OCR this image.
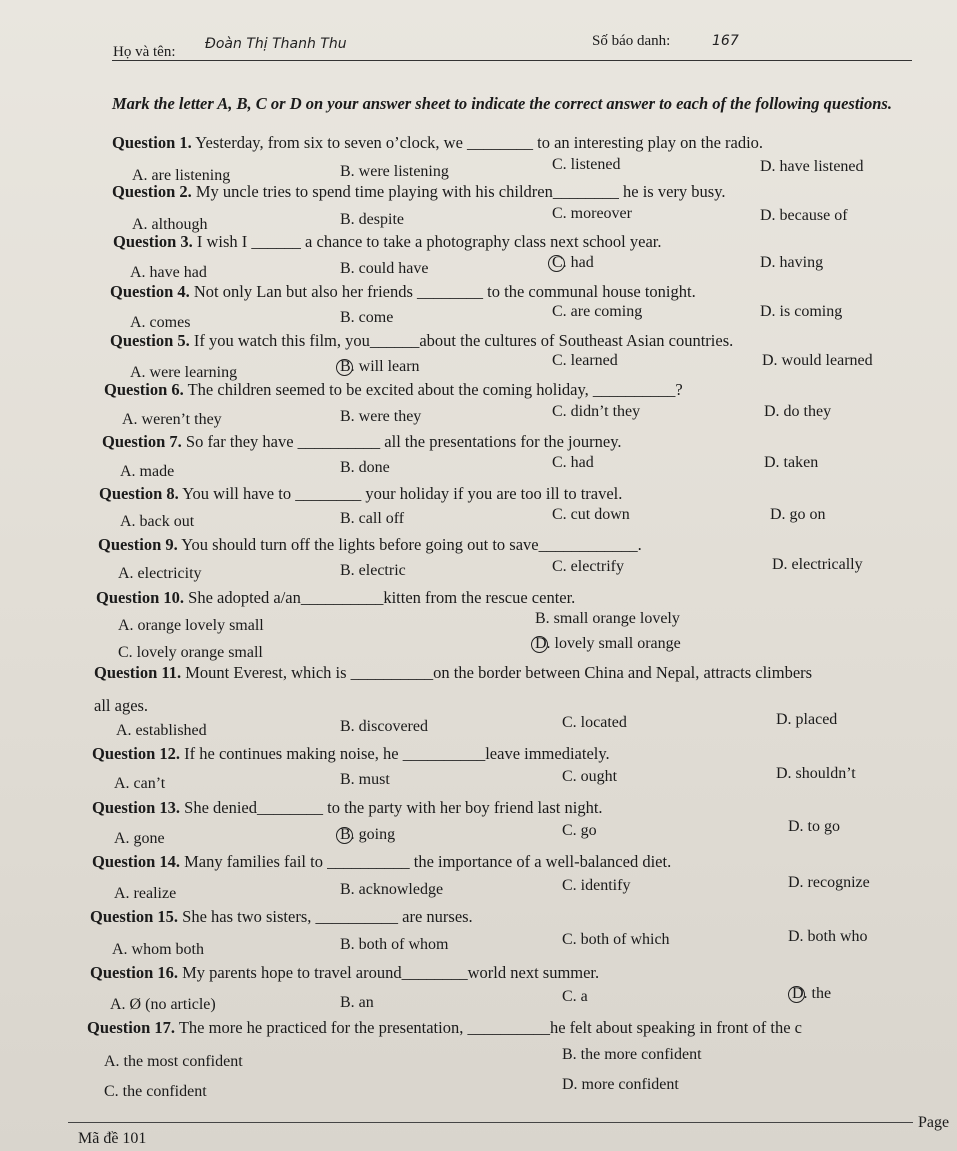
Họ và tên: Đoàn Thị Thanh Thu	Số báo danh:	167
Mark the letter A, B, C or D on your answer sheet to indicate the correct answer to each of the following questions.
Question 1. Yesterday, from six to seven o’clock, we ________ to an interesting play on the radio.
A. are listening	B. were listening	C. listened	D. have listened
Question 2. My uncle tries to spend time playing with his children________ he is very busy.
A. although	B. despite	C. moreover	D. because of
Question 3. I wish I ______ a chance to take a photography class next school year.
A. have had	B. could have	C. had	D. having
Question 4. Not only Lan but also her friends ________ to the communal house tonight.
A. comes	B. come	C. are coming	D. is coming
Question 5. If you watch this film, you______about the cultures of Southeast Asian countries.
A. were learning	B. will learn	C. learned	D. would learned
Question 6. The children seemed to be excited about the coming holiday, __________?
A. weren’t they	B. were they	C. didn’t they	D. do they
Question 7. So far they have __________ all the presentations for the journey.
A. made	B. done	C. had	D. taken
Question 8. You will have to ________ your holiday if you are too ill to travel.
A. back out	B. call off	C. cut down	D. go on
Question 9. You should turn off the lights before going out to save____________.
A. electricity	B. electric	C. electrify	D. electrically
Question 10. She adopted a/an__________kitten from the rescue center.
A. orange lovely small	B. small orange lovely
C. lovely orange small
D. lovely small orange
Question 11. Mount Everest, which is __________on the border between China and Nepal, attracts climbers
all ages.
A. established	B. discovered	C. located	D. placed
Question 12. If he continues making noise, he __________leave immediately.
A. can’t	B. must	C. ought	D. shouldn’t
Question 13. She denied________ to the party with her boy friend last night.
A. gone	B. going	C. go	D. to go
Question 14. Many families fail to __________ the importance of a well-balanced diet.
A. realize	B. acknowledge	C. identify	D. recognize
Question 15. She has two sisters, __________ are nurses.
A. whom both	B. both of whom	C. both of which	D. both who
Question 16. My parents hope to travel around________world next summer.
A. Ø (no article)	B. an	C. a	D. the
Question 17. The more he practiced for the presentation, __________he felt about speaking in front of the c
A. the most confident	B. the more confident
C. the confident	D. more confident
Mã đề 101
Page
